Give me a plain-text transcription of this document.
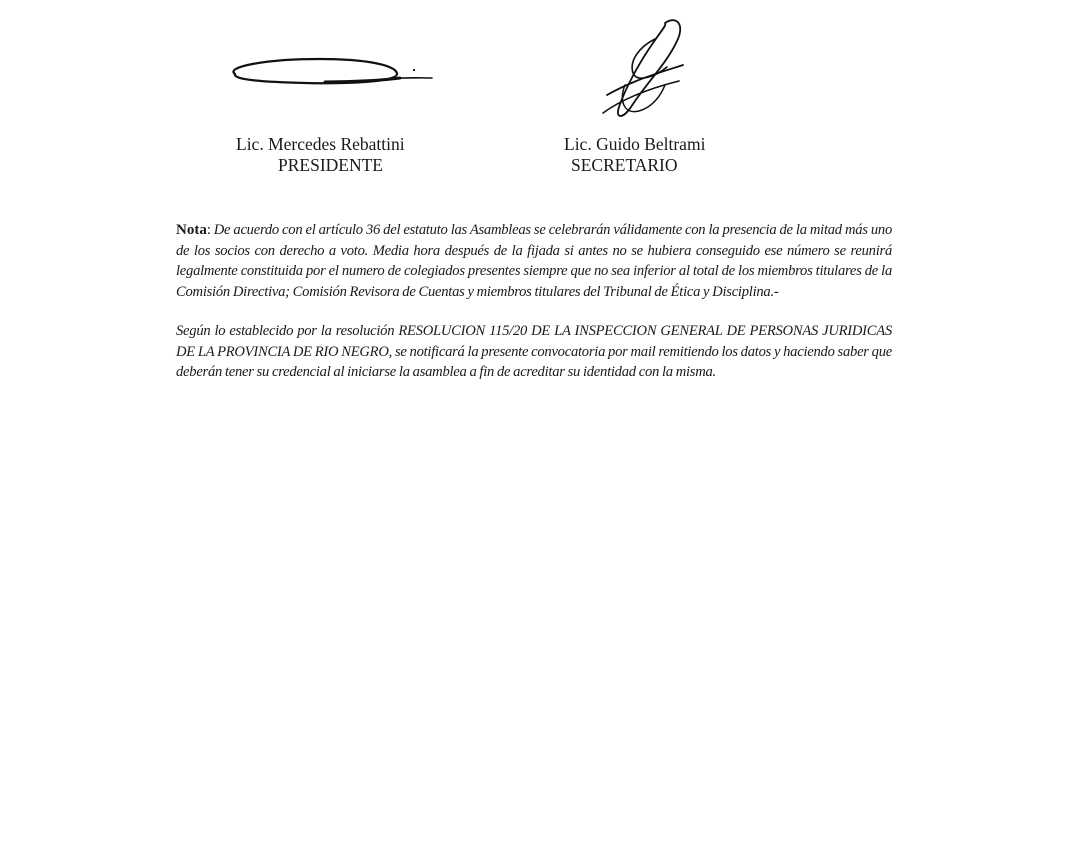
Lic. Mercedes Rebattini
PRESIDENTE
Lic. Guido Beltrami
SECRETARIO

Nota: De acuerdo con el artículo 36 del estatuto las Asambleas se celebrarán válidamente con la presencia de la mitad más uno de los socios con derecho a voto. Media hora después de la fijada si antes no se hubiera conseguido ese número se reunirá legalmente constituida por el numero de colegiados presentes siempre que no sea inferior al total de los miembros titulares de la Comisión Directiva; Comisión Revisora de Cuentas y miembros titulares del Tribunal de Ética y Disciplina.-

Según lo establecido por la resolución RESOLUCION 115/20 DE LA INSPECCION GENERAL DE PERSONAS JURIDICAS DE LA PROVINCIA DE RIO NEGRO, se notificará la presente convocatoria por mail remitiendo los datos y haciendo saber que deberán tener su credencial al iniciarse la asamblea a fin de acreditar su identidad con la misma.
